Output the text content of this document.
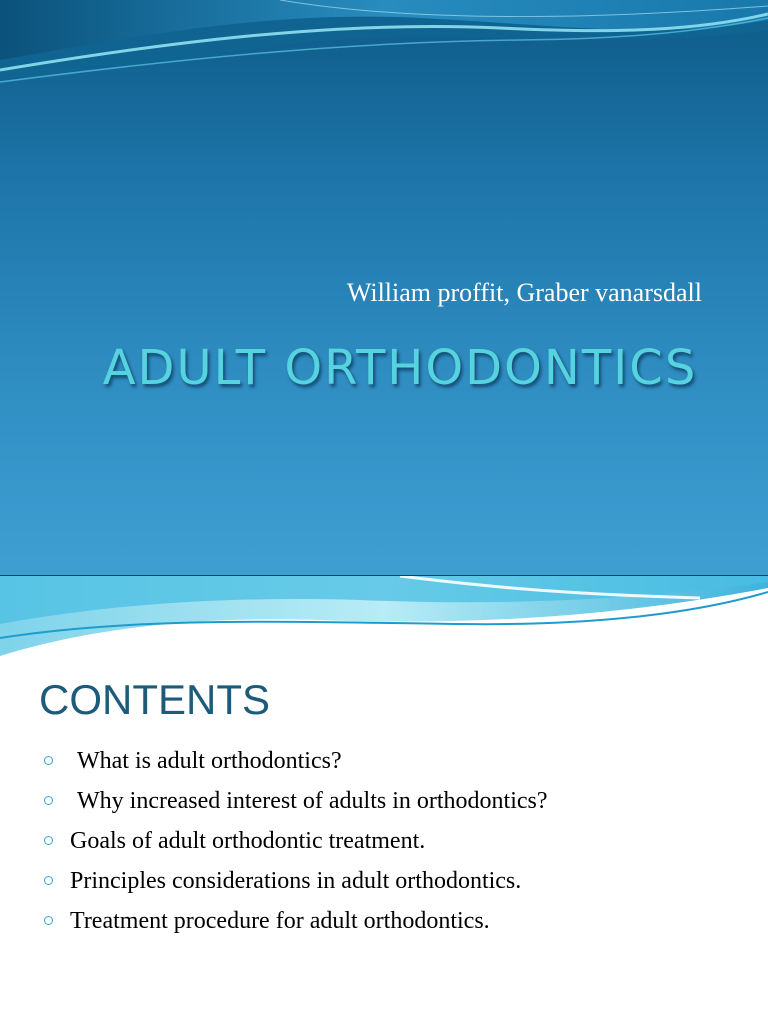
William proffit, Graber vanarsdall
ADULT ORTHODONTICS
CONTENTS
What is adult orthodontics?
Why increased interest of adults in orthodontics?
Goals of adult orthodontic treatment.
Principles considerations in adult orthodontics.
Treatment procedure for adult orthodontics.
